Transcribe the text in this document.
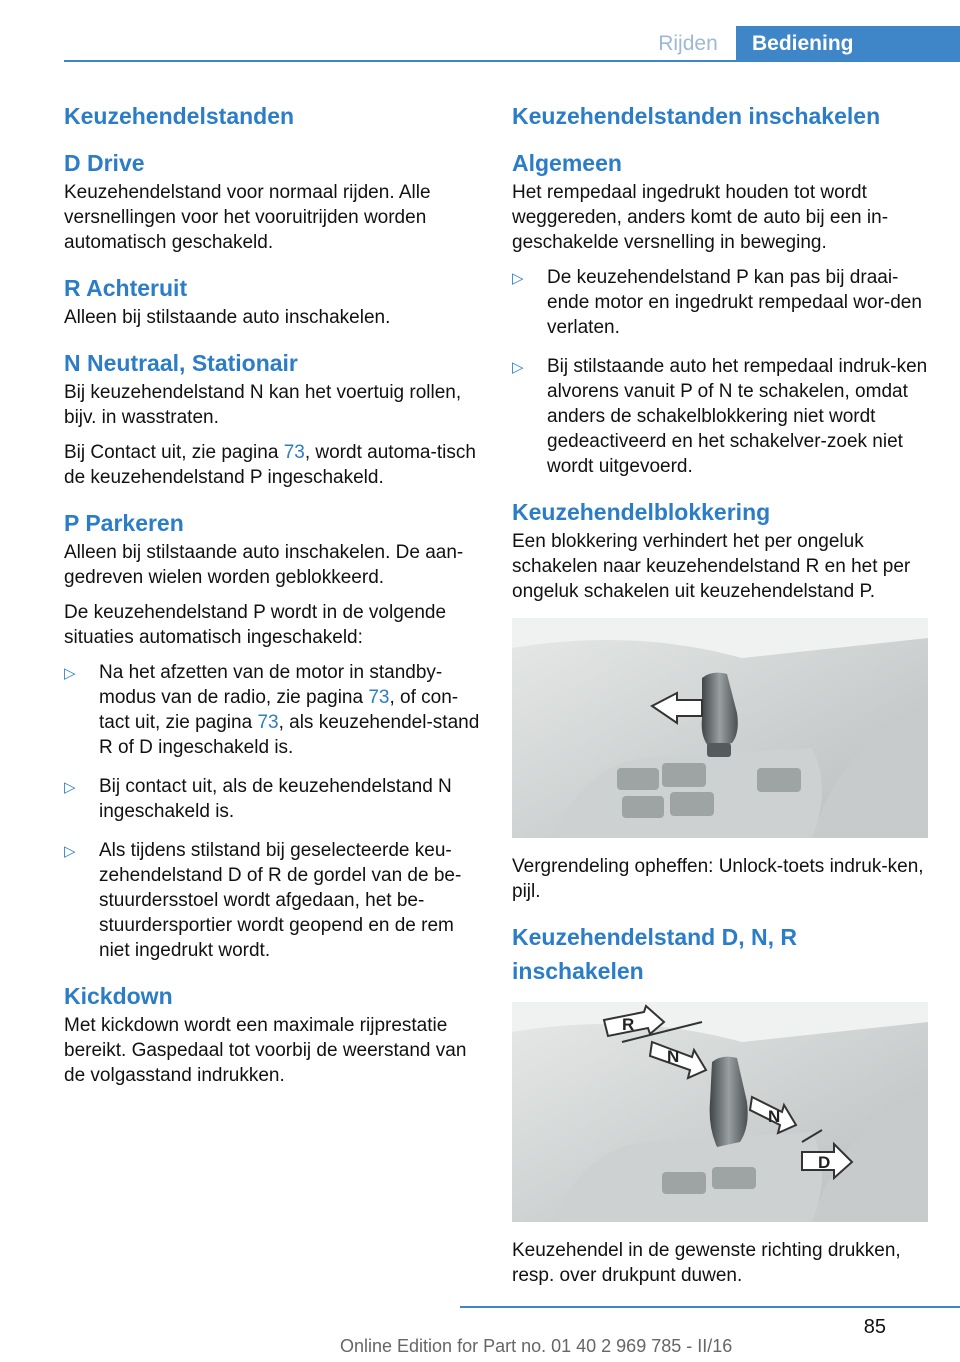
Rijden	Bediening
Keuzehendelstanden
D Drive

Keuzehendelstand voor normaal rijden. Alle versnellingen voor het vooruitrijden worden automatisch geschakeld.

R Achteruit

Alleen bij stilstaande auto inschakelen.

N Neutraal, Stationair

Bij keuzehendelstand N kan het voertuig rollen, bijv. in wasstraten.

Bij Contact uit, zie pagina 73, wordt automa-tisch de keuzehendelstand P ingeschakeld.

P Parkeren

Alleen bij stilstaande auto inschakelen. De aan-gedreven wielen worden geblokkeerd.

De keuzehendelstand P wordt in de volgende situaties automatisch ingeschakeld:

▷ Na het afzetten van de motor in standby-modus van de radio, zie pagina 73, of con-tact uit, zie pagina 73, als keuzehendel-stand R of D ingeschakeld is.
▷ Bij contact uit, als de keuzehendelstand N ingeschakeld is.
▷ Als tijdens stilstand bij geselecteerde keu-zehendelstand D of R de gordel van de be-stuurdersstoel wordt afgedaan, het be-stuurdersportier wordt geopend en de rem niet ingedrukt wordt.
Kickdown

Met kickdown wordt een maximale rijprestatie bereikt. Gaspedaal tot voorbij de weerstand van de volgasstand indrukken.

Keuzehendelstanden inschakelen
Algemeen

Het rempedaal ingedrukt houden tot wordt weggereden, anders komt de auto bij een in-geschakelde versnelling in beweging.

▷ De keuzehendelstand P kan pas bij draai-ende motor en ingedrukt rempedaal wor-den verlaten.
▷ Bij stilstaande auto het rempedaal indruk-ken alvorens vanuit P of N te schakelen, omdat anders de schakelblokkering niet wordt gedeactiveerd en het schakelver-zoek niet wordt uitgevoerd.
Keuzehendelblokkering

Een blokkering verhindert het per ongeluk schakelen naar keuzehendelstand R en het per ongeluk schakelen uit keuzehendelstand P.

Vergrendeling opheffen: Unlock-toets indruk-ken, pijl.

Keuzehendelstand D, N, R inschakelen
R
N
N
D

Keuzehendel in de gewenste richting drukken, resp. over drukpunt duwen.

85
Online Edition for Part no. 01 40 2 969 785 - II/16
